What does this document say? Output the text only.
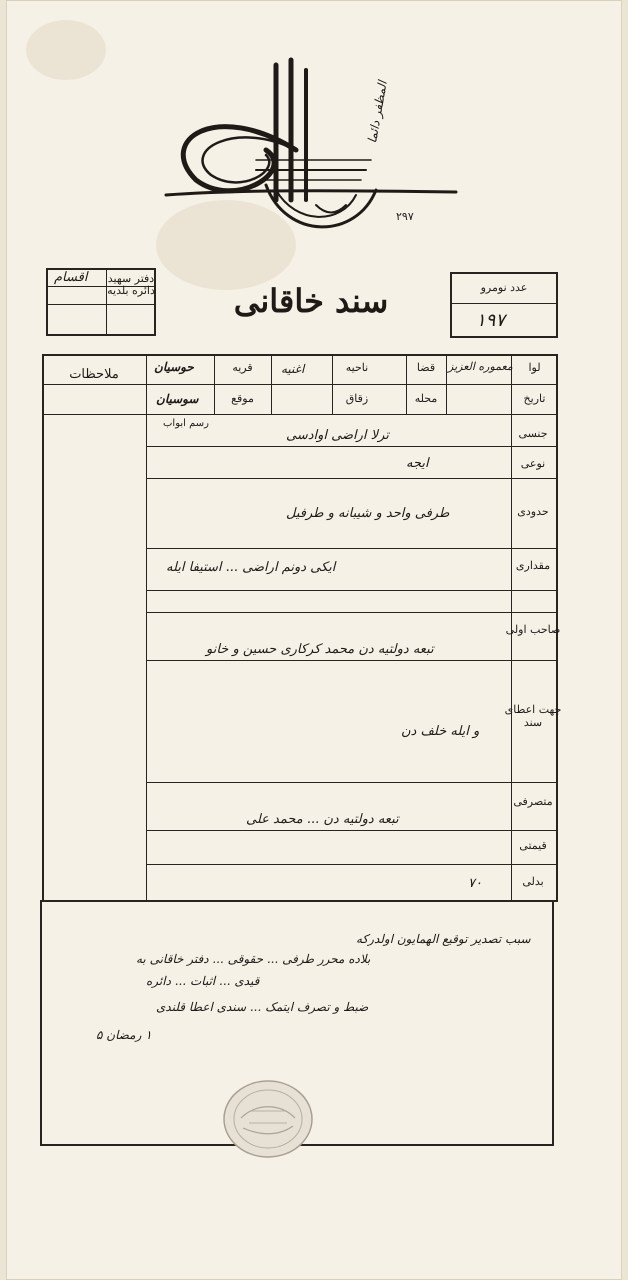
۲۹۷
المظفر دائما
دفتر سهید دائره بلدیه
اقسام
سند خاقانی	عدد نومرو
۱۹۷
لوا
معموره العزیز
تاریخ
قضا
محله
ناحیه
زقاق
اغنیه
قریه
موقع
حوسیان
سوسیان
ملاحظات
رسم ابواب
جنسی
ترلا اراضی اوادسی
نوعی
ایجه
حدودی
طرفی واحد و شیبانه و طرفیل
مقداری
ایکی دونم اراضی ... استیفا ایله
صاحب اولی
تبعه دولتیه دن محمد کرکاری حسین و خانو
جهت اعطای سند
و ایله خلف دن
متصرفی
تبعه دولتیه دن ... محمد علی
قیمتی
بدلی
۷۰
سبب تصدیر توقیع الهمایون اولدرکه
بلاده محرر طرفی ... حقوقی ... دفتر خاقانی به
قیدی ... اثبات ... دائره
ضبط و تصرف ایتمک ... سندی اعطا قلندی
۱ رمضان ۵
